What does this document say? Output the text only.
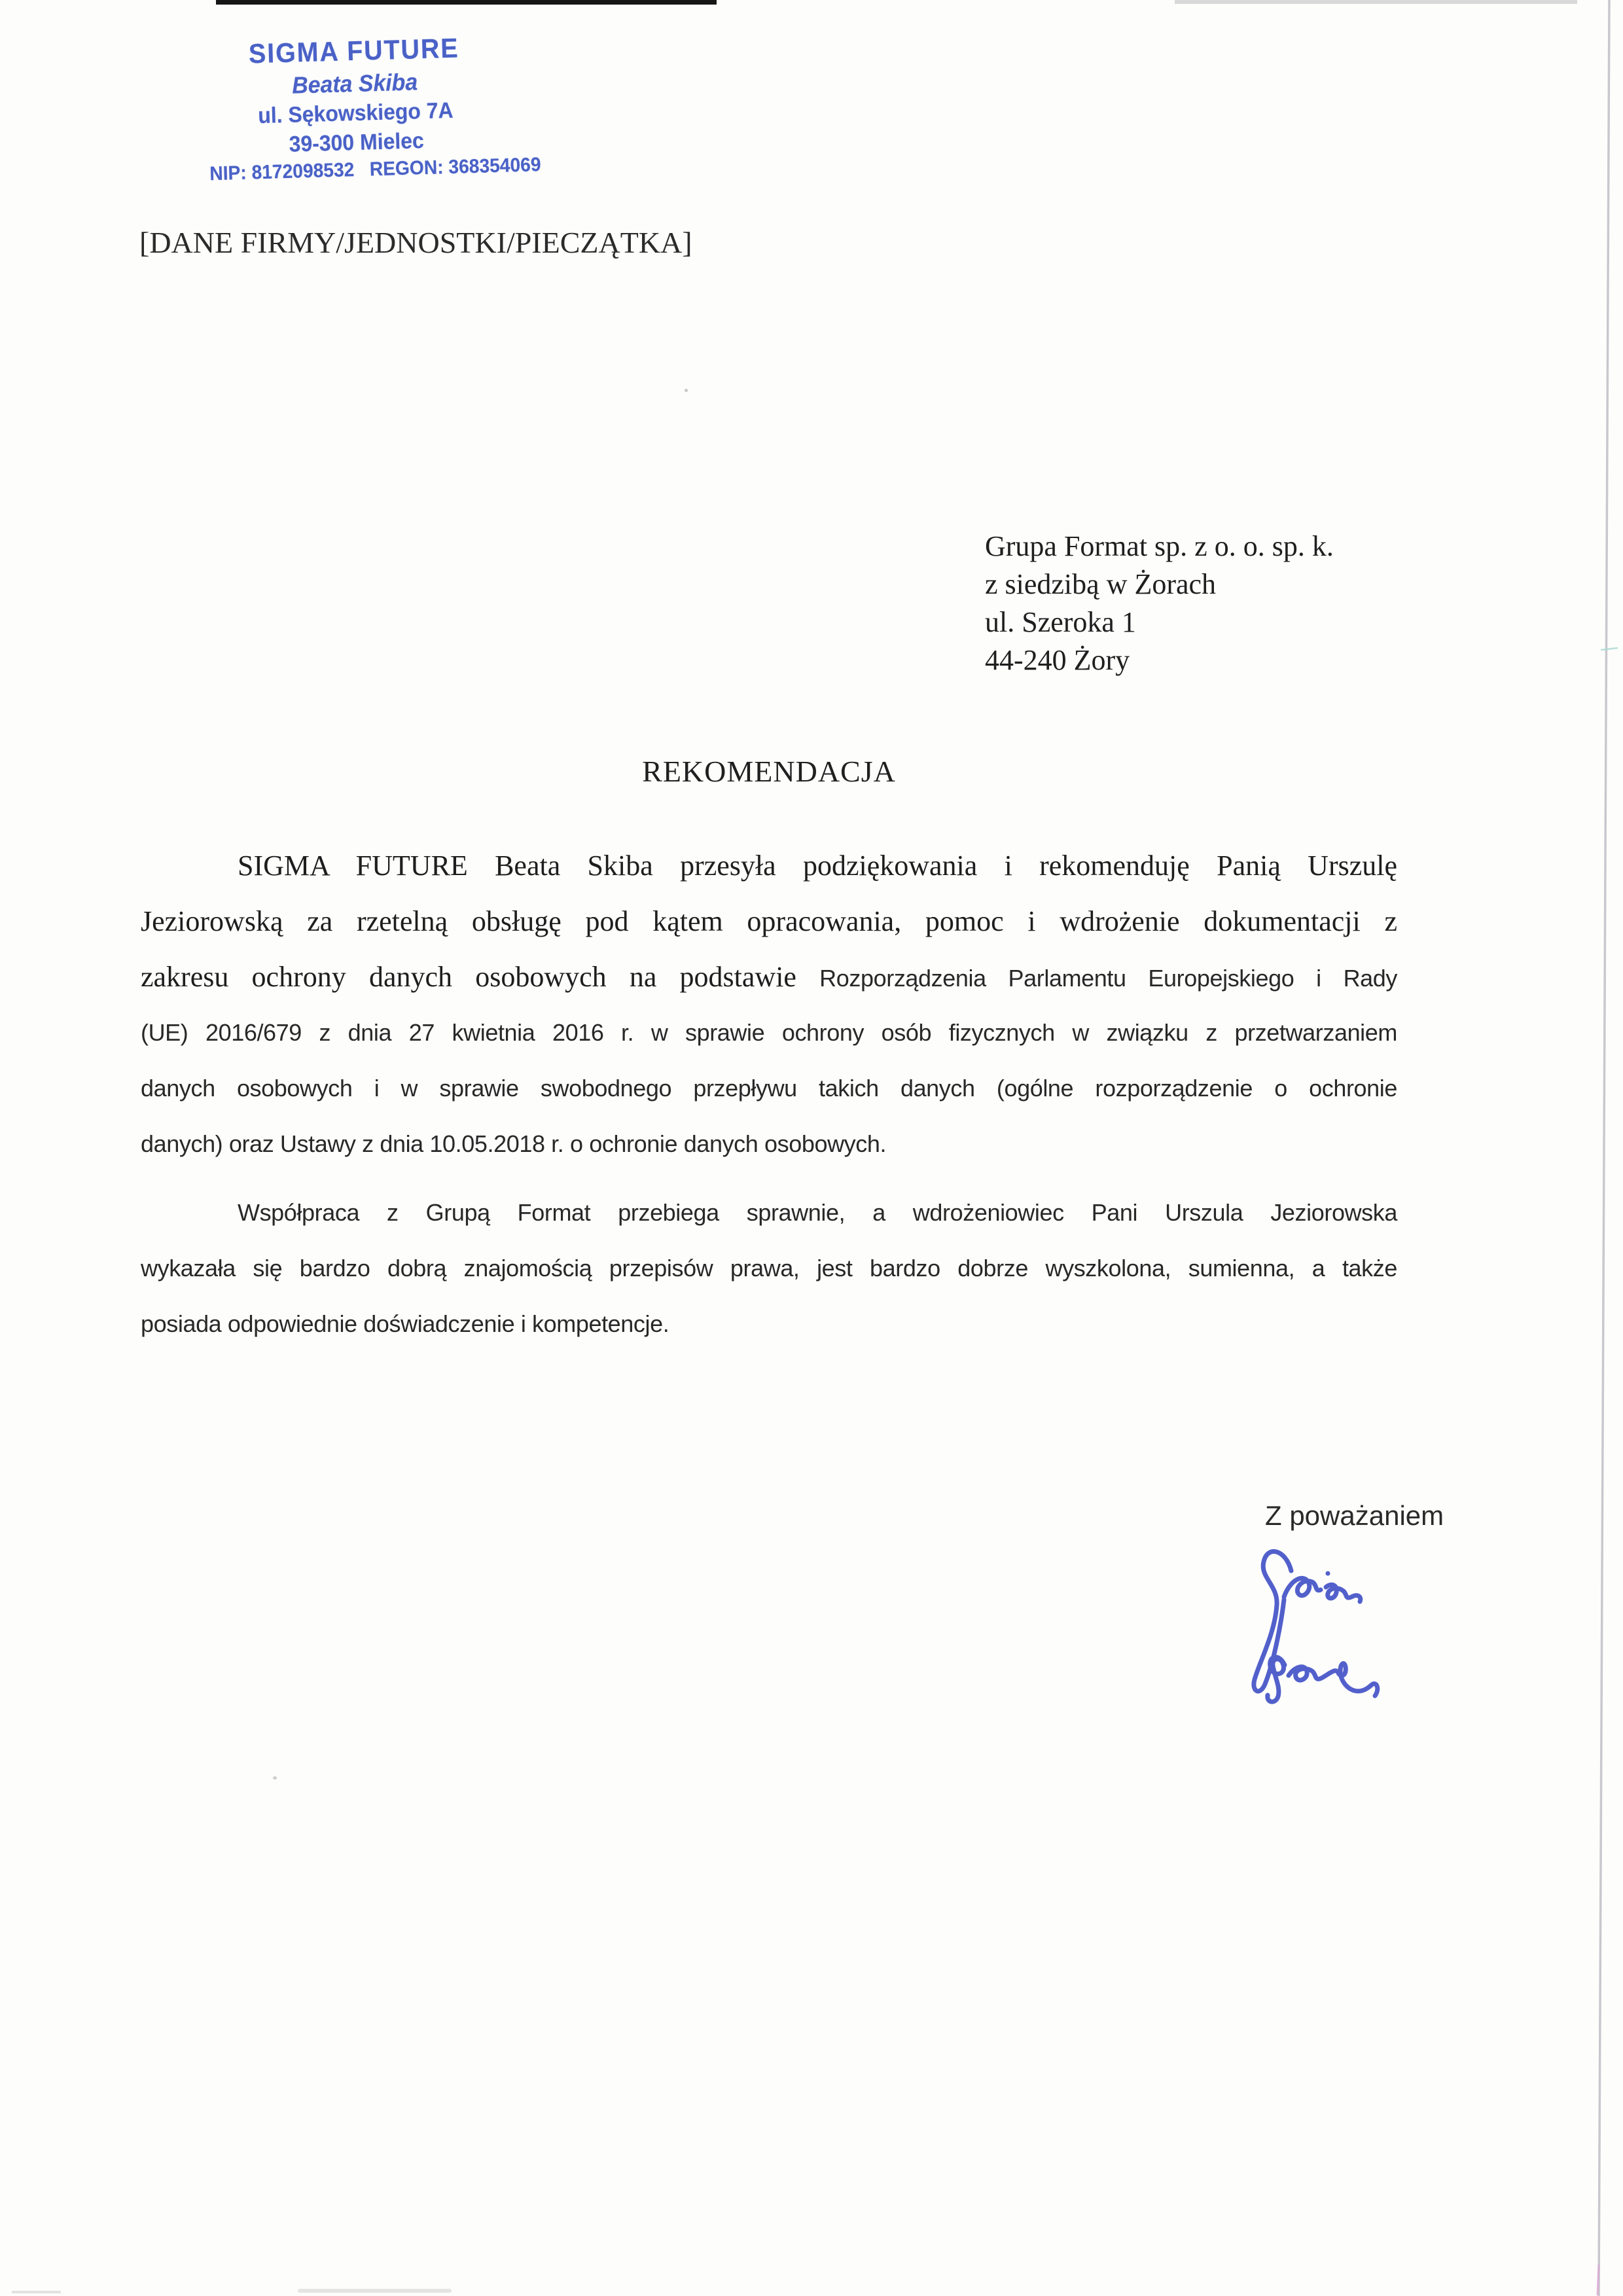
SIGMA FUTURE
Beata Skiba
ul. Sękowskiego 7A
39-300 Mielec
NIP: 8172098532   REGON: 368354069
[DANE FIRMY/JEDNOSTKI/PIECZĄTKA]
Grupa Format sp. z o. o. sp. k.
z siedzibą w Żorach
ul. Szeroka 1
44-240 Żory
REKOMENDACJA
SIGMA FUTURE Beata Skiba przesyła podziękowania i rekomenduję Panią Urszulę
Jeziorowską za rzetelną obsługę pod kątem opracowania, pomoc i wdrożenie dokumentacji z
zakresu ochrony danych osobowych na podstawie Rozporządzenia Parlamentu Europejskiego i Rady
(UE) 2016/679 z dnia 27 kwietnia 2016 r. w sprawie ochrony osób fizycznych w związku z przetwarzaniem
danych osobowych i w sprawie swobodnego przepływu takich danych (ogólne rozporządzenie o ochronie
danych) oraz Ustawy z dnia 10.05.2018 r. o ochronie danych osobowych.
Współpraca z Grupą Format przebiega sprawnie, a wdrożeniowiec Pani Urszula Jeziorowska
wykazała się bardzo dobrą znajomością przepisów prawa, jest bardzo dobrze wyszkolona, sumienna, a także
posiada odpowiednie doświadczenie i kompetencje.
Z poważaniem
